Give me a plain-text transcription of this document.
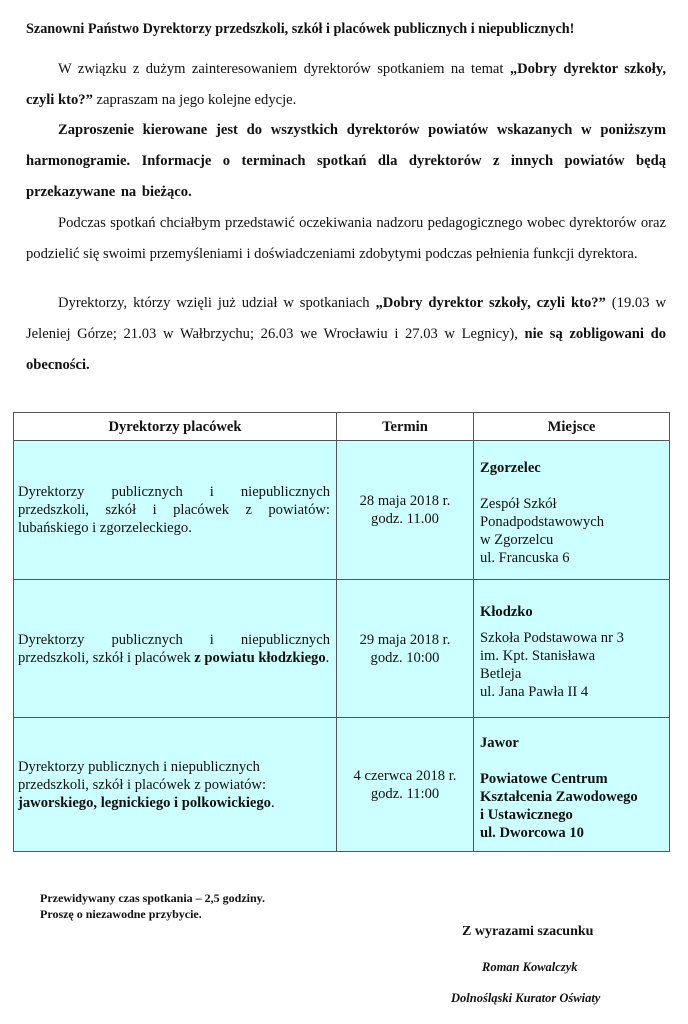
Szanowni Państwo Dyrektorzy przedszkoli, szkół i placówek publicznych i niepublicznych!

W związku z dużym zainteresowaniem dyrektorów spotkaniem na temat „Dobry dyrektor szkoły, czyli kto?” zapraszam na jego kolejne edycje.

Zaproszenie kierowane jest do wszystkich dyrektorów powiatów wskazanych w poniższym harmonogramie. Informacje o terminach spotkań dla dyrektorów z innych powiatów będą przekazywane na bieżąco.

Podczas spotkań chciałbym przedstawić oczekiwania nadzoru pedagogicznego wobec dyrektorów oraz podzielić się swoimi przemyśleniami i doświadczeniami zdobytymi podczas pełnienia funkcji dyrektora.

Dyrektorzy, którzy wzięli już udział w spotkaniach „Dobry dyrektor szkoły, czyli kto?” (19.03 w Jeleniej Górze; 21.03 w Wałbrzychu; 26.03 we Wrocławiu i 27.03 w Legnicy), nie są zobligowani do obecności.

Dyrektorzy placówek	Termin	Miejsce
Dyrektorzy publicznych i niepublicznych przedszkoli, szkół i placówek z powiatów: lubańskiego i zgorzeleckiego.	28 maja 2018 r.
godz. 11.00	Zgorzelec
Zespół Szkół
Ponadpodstawowych
w Zgorzelcu
ul. Francuska 6

Dyrektorzy publicznych i niepublicznych przedszkoli, szkół i placówek z powiatu kłodzkiego.	29 maja 2018 r.
godz. 10:00	Kłodzko
Szkoła Podstawowa nr 3
im. Kpt. Stanisława
Betleja
ul. Jana Pawła II 4

Dyrektorzy publicznych i niepublicznych przedszkoli, szkół i placówek z powiatów: jaworskiego, legnickiego i polkowickiego.	4 czerwca 2018 r.
godz. 11:00	Jawor
Powiatowe Centrum
Kształcenia Zawodowego
i Ustawicznego
ul. Dworcowa 10
Przewidywany czas spotkania – 2,5 godziny.
Proszę o niezawodne przybycie.
Z wyrazami szacunku
Roman Kowalczyk
Dolnośląski Kurator Oświaty
